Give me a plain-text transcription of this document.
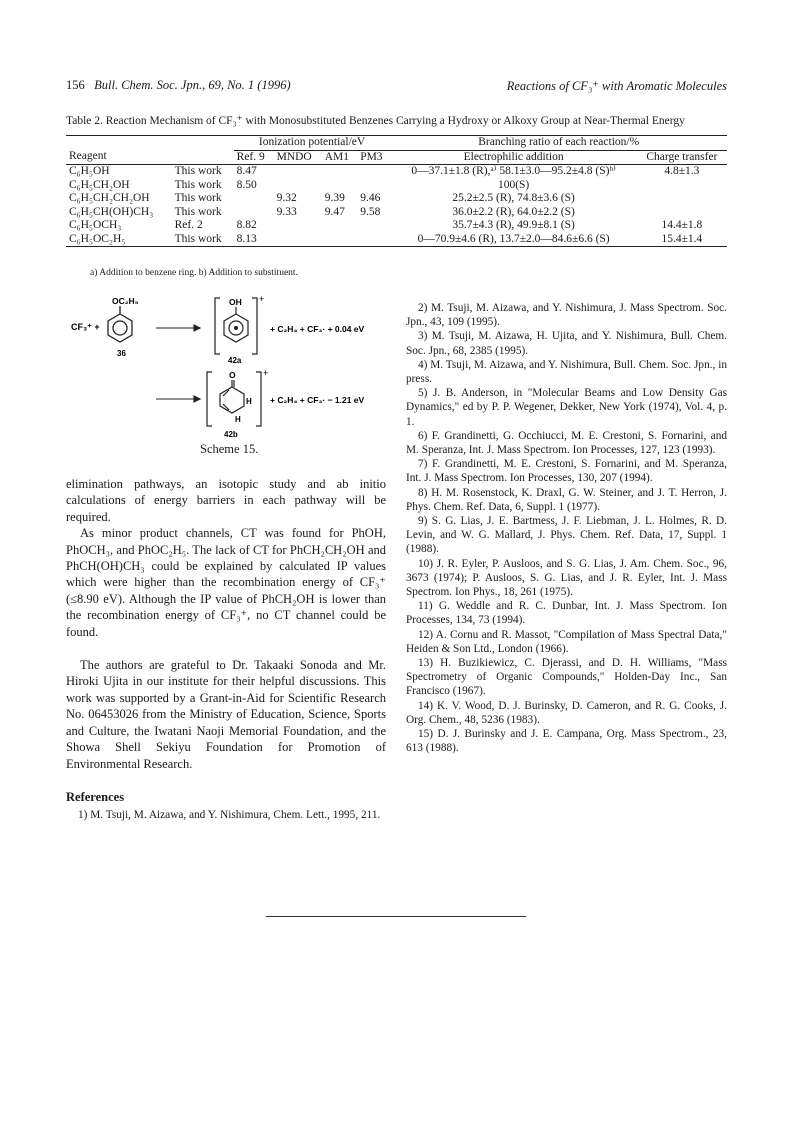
156 Bull. Chem. Soc. Jpn., 69, No. 1 (1996)	Reactions of CF₃⁺ with Aromatic Molecules
Table 2. Reaction Mechanism of CF₃⁺ with Monosubstituted Benzenes Carrying a Hydroxy or Alkoxy Group at Near-Thermal Energy
		Ionization potential/eV				Branching ratio of each reaction/%	
Reagent		Ref. 9	MNDO	AM1	PM3	Electrophilic addition	Charge transfer
C₆H₅OH	This work	8.47				0—37.1±1.8 (R),ᵃ⁾ 58.1±3.0—95.2±4.8 (S)ᵇ⁾	4.8±1.3
C₆H₅CH₂OH	This work	8.50				100(S)	
C₆H₅CH₂CH₂OH	This work		9.32	9.39	9.46	25.2±2.5 (R), 74.8±3.6 (S)	
C₆H₅CH(OH)CH₃	This work		9.33	9.47	9.58	36.0±2.2 (R), 64.0±2.2 (S)	
C₆H₅OCH₃	Ref. 2	8.82				35.7±4.3 (R), 49.9±8.1 (S)	14.4±1.8
C₆H₅OC₂H₅	This work	8.13				0—70.9±4.6 (R), 13.7±2.0—84.6±6.6 (S)	15.4±1.4
a) Addition to benzene ring. b) Addition to substituent.
CF₃⁺ +
OC₂H₅
36
+
OH
42a
+ C₂H₄ + CF₃· + 0.04 eV
+
O
H
H
42b
+ C₂H₄ + CF₃· − 1.21 eV
Scheme 15.

elimination pathways, an isotopic study and ab initio calculations of energy barriers in each pathway will be required.

As minor product channels, CT was found for PhOH, PhOCH₃, and PhOC₂H₅. The lack of CT for PhCH₂CH₂OH and PhCH(OH)CH₃ could be explained by calculated IP values which were higher than the recombination energy of CF₃⁺ (≤8.90 eV). Although the IP value of PhCH₂OH is lower than the recombination energy of CF₃⁺, no CT channel could be found.

The authors are grateful to Dr. Takaaki Sonoda and Mr. Hiroki Ujita in our institute for their helpful discussions. This work was supported by a Grant-in-Aid for Scientific Research No. 06453026 from the Ministry of Education, Science, Sports and Culture, the Iwatani Naoji Memorial Foundation, and the Showa Shell Sekiyu Foundation for Promotion of Environmental Research.

References

1) M. Tsuji, M. Aizawa, and Y. Nishimura, Chem. Lett., 1995, 211.

2) M. Tsuji, M. Aizawa, and Y. Nishimura, J. Mass Spectrom. Soc. Jpn., 43, 109 (1995).

3) M. Tsuji, M. Aizawa, H. Ujita, and Y. Nishimura, Bull. Chem. Soc. Jpn., 68, 2385 (1995).

4) M. Tsuji, M. Aizawa, and Y. Nishimura, Bull. Chem. Soc. Jpn., in press.

5) J. B. Anderson, in "Molecular Beams and Low Density Gas Dynamics," ed by P. P. Wegener, Dekker, New York (1974), Vol. 4, p. 1.

6) F. Grandinetti, G. Occhiucci, M. E. Crestoni, S. Fornarini, and M. Speranza, Int. J. Mass Spectrom. Ion Processes, 127, 123 (1993).

7) F. Grandinetti, M. E. Crestoni, S. Fornarini, and M. Speranza, Int. J. Mass Spectrom. Ion Processes, 130, 207 (1994).

8) H. M. Rosenstock, K. Draxl, G. W. Steiner, and J. T. Herron, J. Phys. Chem. Ref. Data, 6, Suppl. 1 (1977).

9) S. G. Lias, J. E. Bartmess, J. F. Liebman, J. L. Holmes, R. D. Levin, and W. G. Mallard, J. Phys. Chem. Ref. Data, 17, Suppl. 1 (1988).

10) J. R. Eyler, P. Ausloos, and S. G. Lias, J. Am. Chem. Soc., 96, 3673 (1974); P. Ausloos, S. G. Lias, and J. R. Eyler, Int. J. Mass Spectrom. Ion Phys., 18, 261 (1975).

11) G. Weddle and R. C. Dunbar, Int. J. Mass Spectrom. Ion Processes, 134, 73 (1994).

12) A. Cornu and R. Massot, "Compilation of Mass Spectral Data," Heiden & Son Ltd., London (1966).

13) H. Buzikiewicz, C. Djerassi, and D. H. Williams, "Mass Spectrometry of Organic Compounds," Holden-Day Inc., San Francisco (1967).

14) K. V. Wood, D. J. Burinsky, D. Cameron, and R. G. Cooks, J. Org. Chem., 48, 5236 (1983).

15) D. J. Burinsky and J. E. Campana, Org. Mass Spectrom., 23, 613 (1988).
